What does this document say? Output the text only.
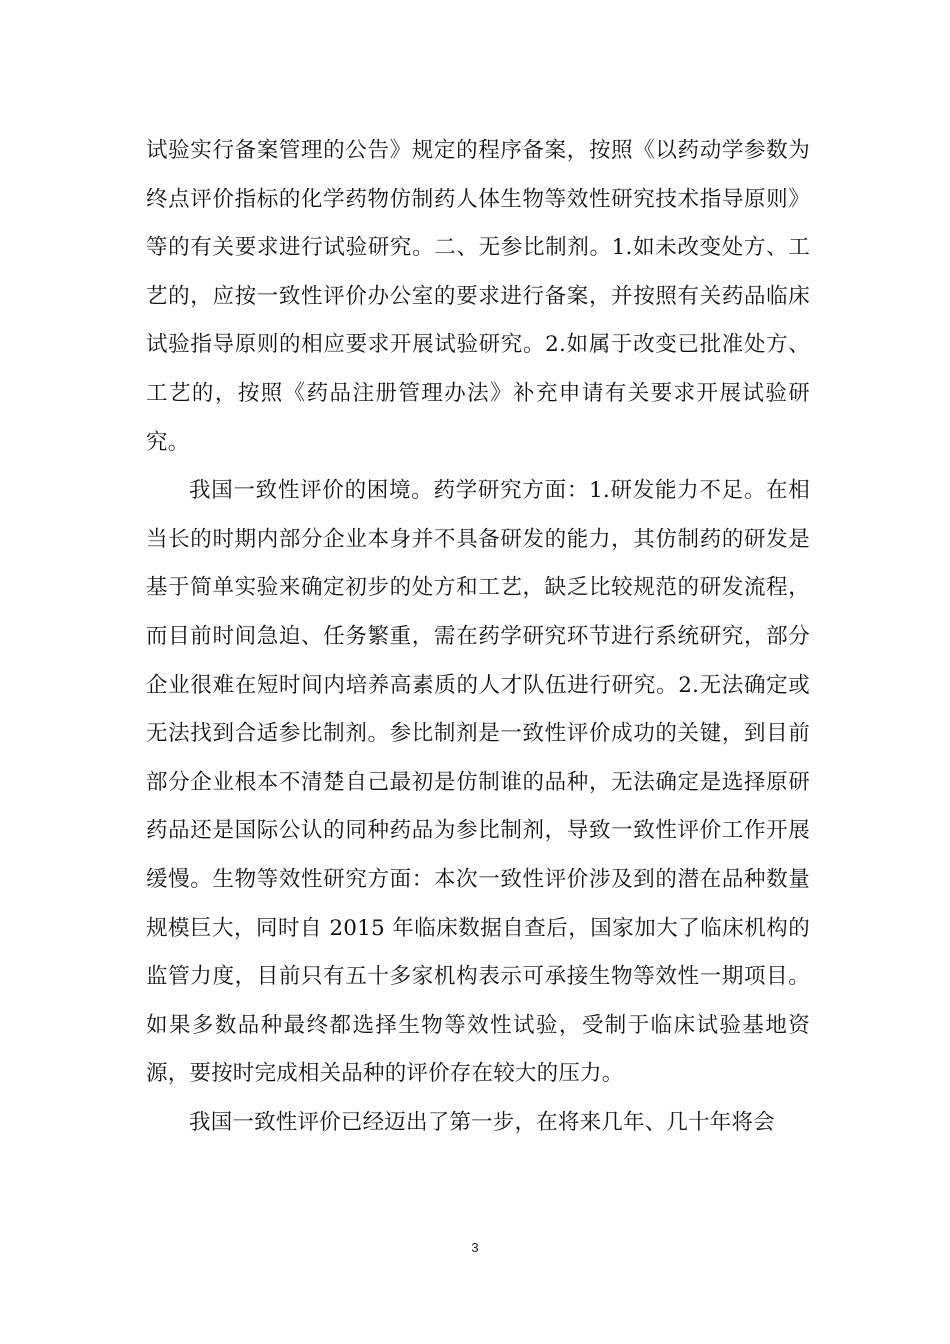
试验实行备案管理的公告》规定的程序备案，按照《以药动学参数为终点评价指标的化学药物仿制药人体生物等效性研究技术指导原则》等的有关要求进行试验研究。二、无参比制剂。1.如未改变处方、工艺的，应按一致性评价办公室的要求进行备案，并按照有关药品临床试验指导原则的相应要求开展试验研究。2.如属于改变已批准处方、工艺的，按照《药品注册管理办法》补充申请有关要求开展试验研究。

我国一致性评价的困境。药学研究方面：1.研发能力不足。在相当长的时期内部分企业本身并不具备研发的能力，其仿制药的研发是基于简单实验来确定初步的处方和工艺，缺乏比较规范的研发流程，而目前时间急迫、任务繁重，需在药学研究环节进行系统研究，部分企业很难在短时间内培养高素质的人才队伍进行研究。2.无法确定或无法找到合适参比制剂。参比制剂是一致性评价成功的关键，到目前部分企业根本不清楚自己最初是仿制谁的品种，无法确定是选择原研药品还是国际公认的同种药品为参比制剂，导致一致性评价工作开展缓慢。生物等效性研究方面：本次一致性评价涉及到的潜在品种数量规模巨大，同时自 2015 年临床数据自查后，国家加大了临床机构的监管力度，目前只有五十多家机构表示可承接生物等效性一期项目。如果多数品种最终都选择生物等效性试验，受制于临床试验基地资源，要按时完成相关品种的评价存在较大的压力。

我国一致性评价已经迈出了第一步，在将来几年、几十年将会

3
